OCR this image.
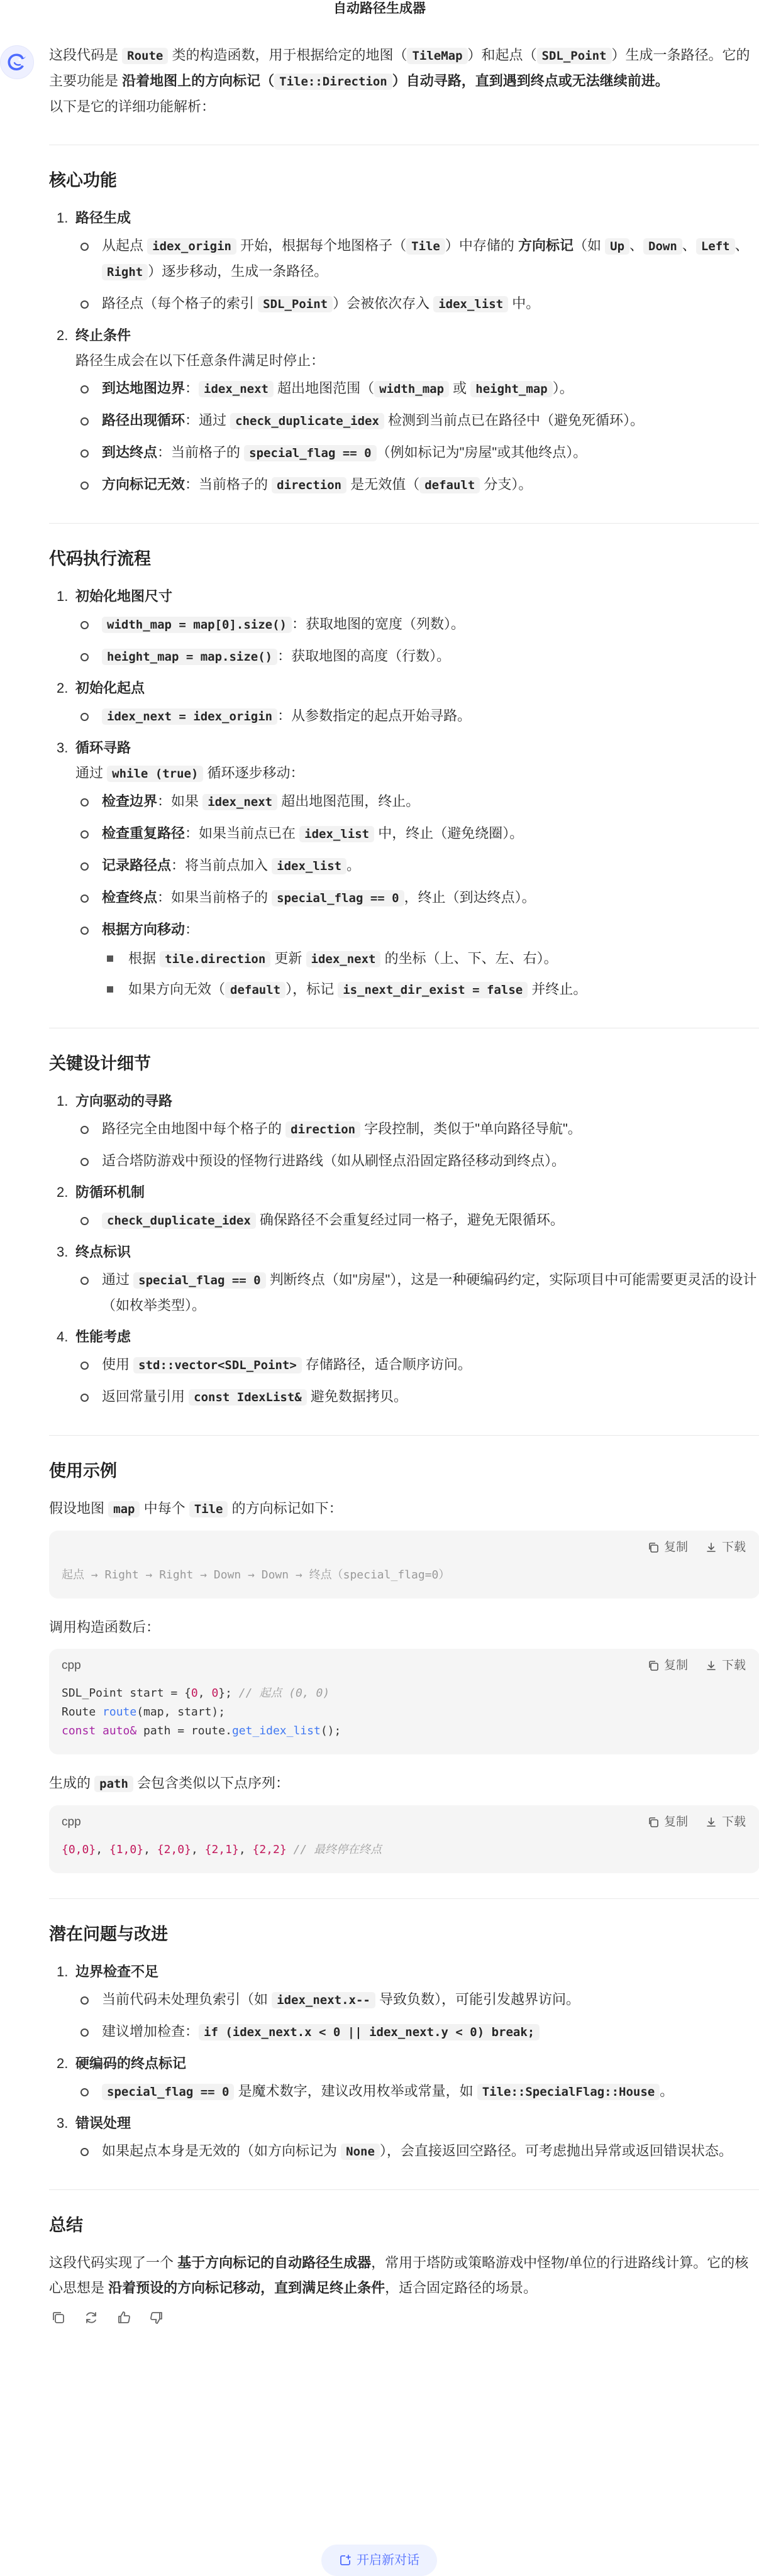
自动路径生成器

这段代码是 Route 类的构造函数，用于根据给定的地图（ TileMap ）和起点（ SDL_Point ）生成一条路径。它的主要功能是 沿着地图上的方向标记（ Tile::Direction ）自动寻路，直到遇到终点或无法继续前进。
以下是它的详细功能解析：

核心功能
1. 路径生成
从起点 idex_origin 开始，根据每个地图格子（ Tile ）中存储的 方向标记（如 Up 、 Down 、 Left 、Right ）逐步移动，生成一条路径。
路径点（每个格子的索引 SDL_Point ）会被依次存入 idex_list 中。
2. 终止条件
路径生成会在以下任意条件满足时停止：
到达地图边界： idex_next 超出地图范围（ width_map 或 height_map ）。
路径出现循环：通过 check_duplicate_idex 检测到当前点已在路径中（避免死循环）。
到达终点：当前格子的 special_flag == 0 （例如标记为"房屋"或其他终点）。
方向标记无效：当前格子的 direction 是无效值（ default 分支）。
代码执行流程
1. 初始化地图尺寸
width_map = map[0].size() ：获取地图的宽度（列数）。
height_map = map.size() ：获取地图的高度（行数）。
2. 初始化起点
idex_next = idex_origin ：从参数指定的起点开始寻路。
3. 循环寻路
通过 while (true) 循环逐步移动：
检查边界：如果 idex_next 超出地图范围，终止。
检查重复路径：如果当前点已在 idex_list 中，终止（避免绕圈）。
记录路径点：将当前点加入 idex_list 。
检查终点：如果当前格子的 special_flag == 0 ，终止（到达终点）。
根据方向移动：
根据 tile.direction 更新 idex_next 的坐标（上、下、左、右）。
如果方向无效（ default ），标记 is_next_dir_exist = false 并终止。
关键设计细节
1. 方向驱动的寻路
路径完全由地图中每个格子的 direction 字段控制，类似于"单向路径导航"。
适合塔防游戏中预设的怪物行进路线（如从刷怪点沿固定路径移动到终点）。
2. 防循环机制
check_duplicate_idex 确保路径不会重复经过同一格子，避免无限循环。
3. 终点标识
通过 special_flag == 0 判断终点（如"房屋"），这是一种硬编码约定，实际项目中可能需要更灵活的设计（如枚举类型）。
4. 性能考虑
使用 std::vector<SDL_Point> 存储路径，适合顺序访问。
返回常量引用 const IdexList& 避免数据拷贝。
使用示例

假设地图 map 中每个 Tile 的方向标记如下：

复制	下载
起点 → Right → Right → Down → Down → 终点（special_flag=0）

调用构造函数后：

cpp	复制	下载
SDL_Point start = {0, 0}; // 起点 (0, 0)
Route route(map, start);
const auto& path = route.get_idex_list();

生成的 path 会包含类似以下点序列：

cpp	复制	下载
{0,0}, {1,0}, {2,0}, {2,1}, {2,2} // 最终停在终点
潜在问题与改进
1. 边界检查不足
当前代码未处理负索引（如 idex_next.x-- 导致负数），可能引发越界访问。
建议增加检查： if (idex_next.x < 0 || idex_next.y < 0) break;
2. 硬编码的终点标记
special_flag == 0 是魔术数字，建议改用枚举或常量，如 Tile::SpecialFlag::House 。
3. 错误处理
如果起点本身是无效的（如方向标记为 None ），会直接返回空路径。可考虑抛出异常或返回错误状态。
总结

这段代码实现了一个 基于方向标记的自动路径生成器，常用于塔防或策略游戏中怪物/单位的行进路线计算。它的核心思想是 沿着预设的方向标记移动，直到满足终止条件，适合固定路径的场景。

开启新对话
